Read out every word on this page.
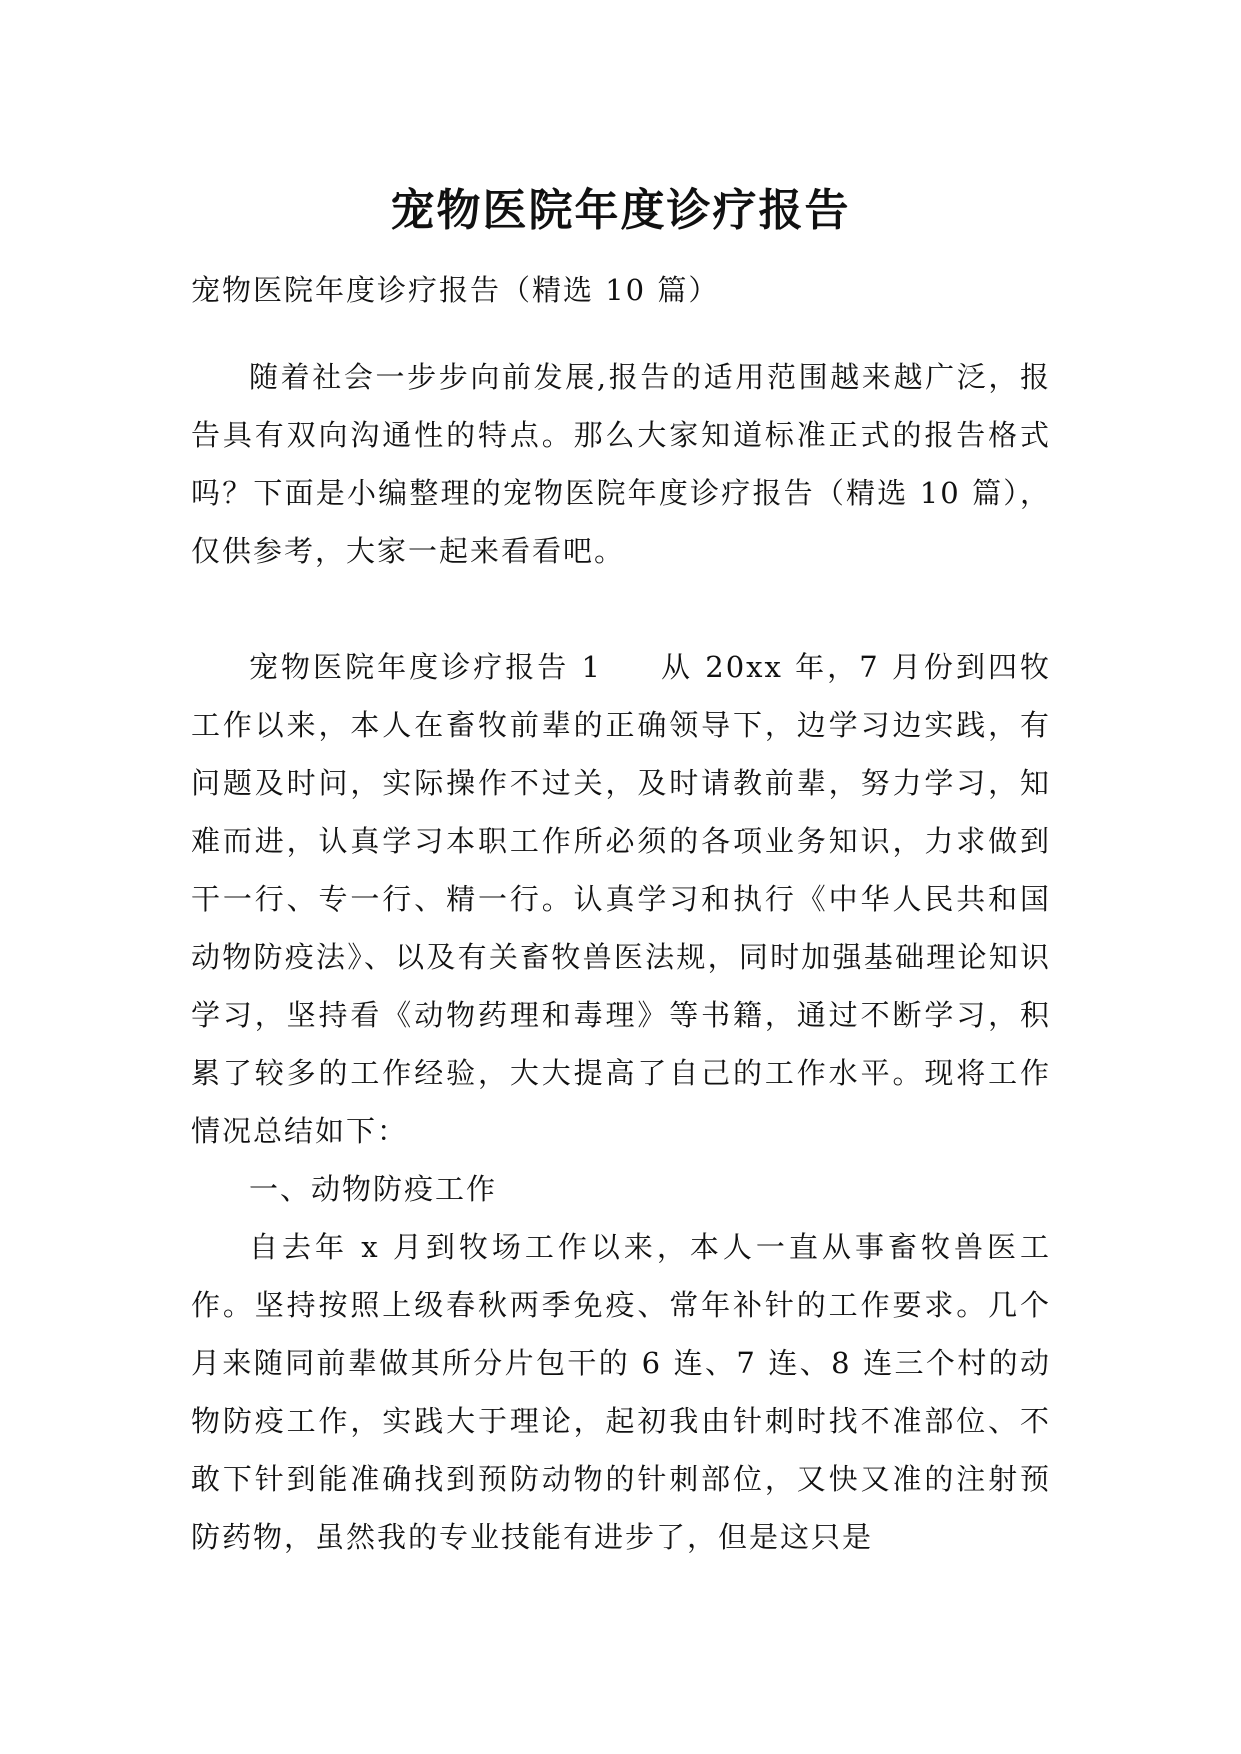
宠物医院年度诊疗报告

宠物医院年度诊疗报告（精选 10 篇）

随着社会一步步向前发展,报告的适用范围越来越广泛，报告具有双向沟通性的特点。那么大家知道标准正式的报告格式吗？下面是小编整理的宠物医院年度诊疗报告（精选 10 篇），仅供参考，大家一起来看看吧。

宠物医院年度诊疗报告 1 从 20xx 年，7 月份到四牧工作以来，本人在畜牧前辈的正确领导下，边学习边实践，有问题及时问，实际操作不过关，及时请教前辈，努力学习，知难而进，认真学习本职工作所必须的各项业务知识，力求做到干一行、专一行、精一行。认真学习和执行《中华人民共和国动物防疫法》、以及有关畜牧兽医法规，同时加强基础理论知识学习，坚持看《动物药理和毒理》等书籍，通过不断学习，积累了较多的工作经验，大大提高了自己的工作水平。现将工作情况总结如下：

一、动物防疫工作

自去年 x 月到牧场工作以来，本人一直从事畜牧兽医工作。坚持按照上级春秋两季免疫、常年补针的工作要求。几个月来随同前辈做其所分片包干的 6 连、7 连、8 连三个村的动物防疫工作，实践大于理论，起初我由针刺时找不准部位、不敢下针到能准确找到预防动物的针刺部位，又快又准的注射预防药物，虽然我的专业技能有进步了，但是这只是
